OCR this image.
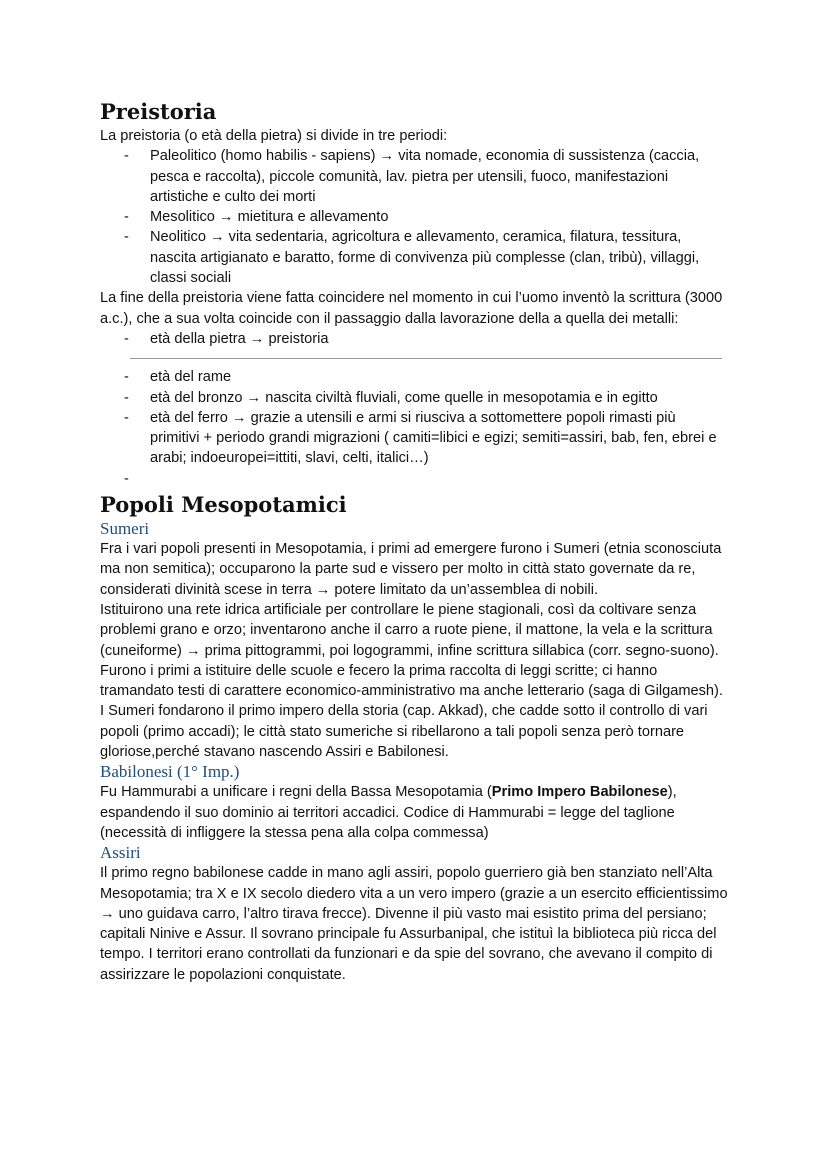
Preistoria

La preistoria (o età della pietra) si divide in tre periodi:

- Paleolitico (homo habilis - sapiens) → vita nomade, economia di sussistenza (caccia, pesca e raccolta), piccole comunità, lav. pietra per utensili, fuoco, manifestazioni artistiche e culto dei morti
- Mesolitico → mietitura e allevamento
- Neolitico → vita sedentaria, agricoltura e allevamento, ceramica, filatura, tessitura, nascita artigianato e baratto, forme di convivenza più complesse (clan, tribù), villaggi, classi sociali

La fine della preistoria viene fatta coincidere nel momento in cui l’uomo inventò la scrittura (3000 a.c.), che a sua volta coincide con il passaggio dalla lavorazione della a quella dei metalli:

- età della pietra → preistoria
- età del rame
- età del bronzo → nascita civiltà fluviali, come quelle in mesopotamia e in egitto
- età del ferro → grazie a utensili e armi si riusciva a sottomettere popoli rimasti più primitivi + periodo grandi migrazioni ( camiti=libici e egizi; semiti=assiri, bab, fen, ebrei e arabi; indoeuropei=ittiti, slavi, celti, italici…)
-

Popoli Mesopotamici
Sumeri

Fra i vari popoli presenti in Mesopotamia, i primi ad emergere furono i Sumeri (etnia sconosciuta ma non semitica); occuparono la parte sud e vissero per molto in città stato governate da re, considerati divinità scese in terra → potere limitato da un’assemblea di nobili.

Istituirono una rete idrica artificiale per controllare le piene stagionali, così da coltivare senza problemi grano e orzo; inventarono anche il carro a ruote piene, il mattone, la vela e la scrittura (cuneiforme) → prima pittogrammi, poi logogrammi, infine scrittura sillabica (corr. segno-suono).

Furono i primi a istituire delle scuole e fecero la prima raccolta di leggi scritte; ci hanno tramandato testi di carattere economico-amministrativo ma anche letterario (saga di Gilgamesh). I Sumeri fondarono il primo impero della storia (cap. Akkad), che cadde sotto il controllo di vari popoli (primo accadi); le città stato sumeriche si ribellarono a tali popoli senza però tornare gloriose,perché stavano nascendo Assiri e Babilonesi.

Babilonesi (1° Imp.)

Fu Hammurabi a unificare i regni della Bassa Mesopotamia (Primo Impero Babilonese), espandendo il suo dominio ai territori accadici. Codice di Hammurabi = legge del taglione (necessità di infliggere la stessa pena alla colpa commessa)

Assiri

Il primo regno babilonese cadde in mano agli assiri, popolo guerriero già ben stanziato nell’Alta Mesopotamia; tra X e IX secolo diedero vita a un vero impero (grazie a un esercito efficientissimo → uno guidava carro, l’altro tirava frecce). Divenne il più vasto mai esistito prima del persiano; capitali Ninive e Assur. Il sovrano principale fu Assurbanipal, che istituì la biblioteca più ricca del tempo. I territori erano controllati da funzionari e da spie del sovrano, che avevano il compito di assirizzare le popolazioni conquistate.
